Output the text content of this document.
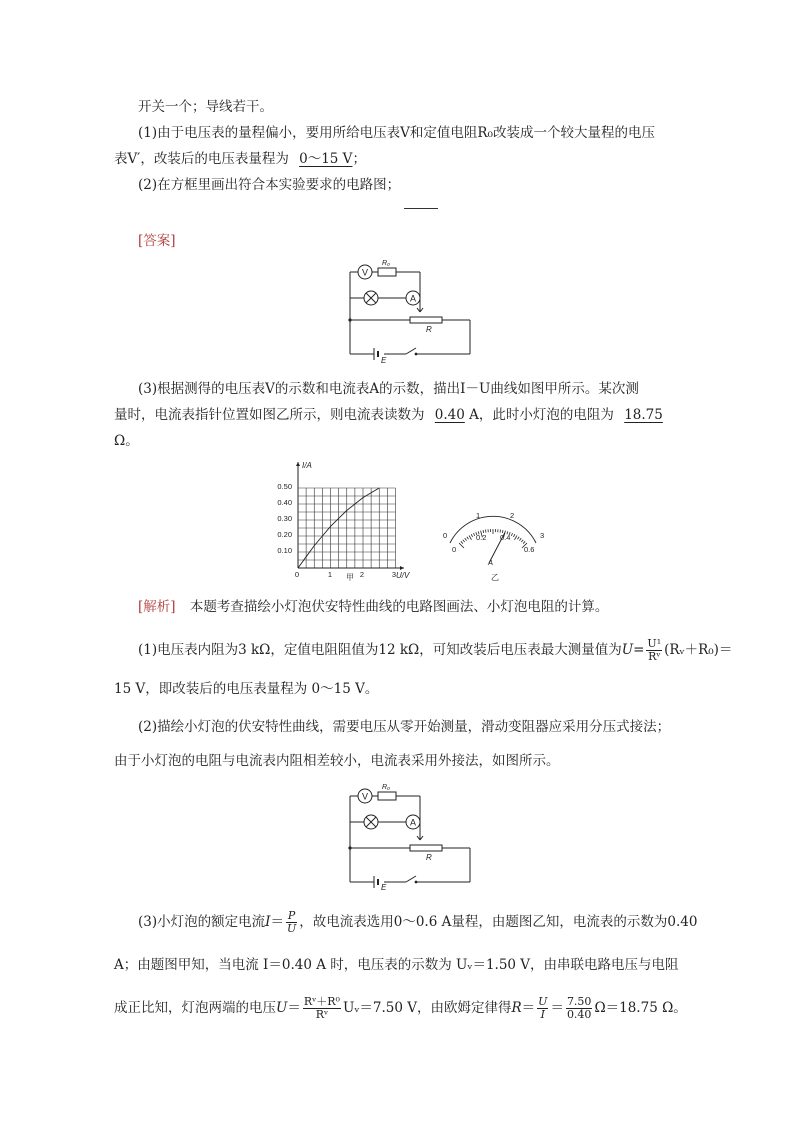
开关一个；导线若干。
(1)由于电压表的量程偏小，要用所给电压表V和定值电阻R₀改装成一个较大量程的电压
表V′，改装后的电压表量程为 0～15 V；
(2)在方框里画出符合本实验要求的电路图；
[答案]
V
R₀
A
R
E
(3)根据测得的电压表V的示数和电流表A的示数，描出I－U曲线如图甲所示。某次测
量时，电流表指针位置如图乙所示，则电流表读数为 0.40 A，此时小灯泡的电阻为 18.75
Ω。
I/A
U/V
甲
0.50
0.40
0.30
0.20
0.10
0	1	2	3
0
1	2
3
0
0.2 0.4
0.6
A
乙
[解析] 本题考查描绘小灯泡伏安特性曲线的电路图画法、小灯泡电阻的计算。
(1)电压表内阻为3 kΩ，定值电阻阻值为12 kΩ，可知改装后电压表最大测量值为$U= \frac{\text{U¹}}{\text{Rᵛ}}$ (Rᵥ＋R₀)＝
15 V，即改装后的电压表量程为 0～15 V。
(2)描绘小灯泡的伏安特性曲线，需要电压从零开始测量，滑动变阻器应采用分压式接法；
由于小灯泡的电阻与电流表内阻相差较小，电流表采用外接法，如图所示。
V
R₀
A
R
E
(3)小灯泡的额定电流$I= \frac{P}{U}$ ，故电流表选用0～0.6 A量程，由题图乙知，电流表的示数为0.40
A；由题图甲知，当电流 I＝0.40 A 时，电压表的示数为 Uᵥ＝1.50 V，由串联电路电压与电阻
成正比知，灯泡两端的电压$U= \frac{\text{Rᵛ＋R⁰}}{\text{Rᵛ}}$ Uᵥ＝7.50 V，由欧姆定律得$R= \frac{U}{I} = \frac{7.50}{0.40} \Omega=18.75$ Ω。
